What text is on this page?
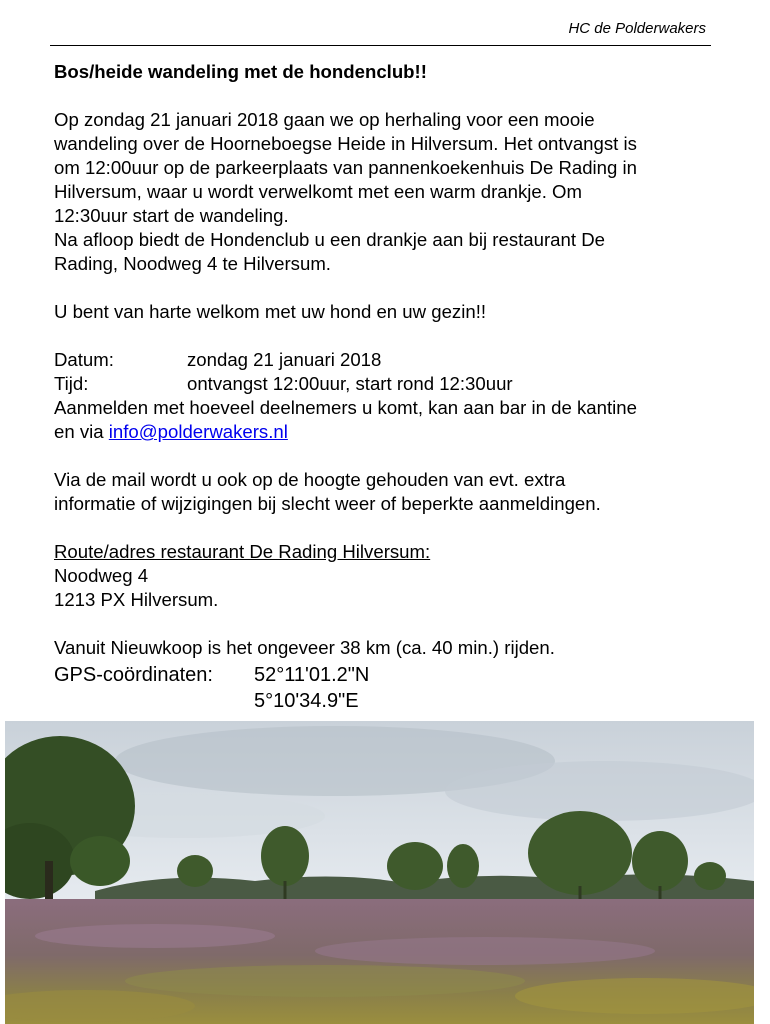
HC de Polderwakers

Bos/heide wandeling met de hondenclub!!

Op zondag 21 januari 2018 gaan we op herhaling voor een mooie

wandeling over de Hoorneboegse Heide in Hilversum. Het ontvangst is

om 12:00uur op de parkeerplaats van pannenkoekenhuis De Rading in

Hilversum, waar u wordt verwelkomt met een warm drankje. Om

12:30uur start de wandeling.

Na afloop biedt de Hondenclub u een drankje aan bij restaurant De

Rading, Noodweg 4 te Hilversum.

U bent van harte welkom met uw hond en uw gezin!!

Datum:	zondag 21 januari 2018
Tijd:	ontvangst 12:00uur, start rond 12:30uur

Aanmelden met hoeveel deelnemers u komt, kan aan bar in de kantine

en via info@polderwakers.nl

Via de mail wordt u ook op de hoogte gehouden van evt. extra

informatie of wijzigingen bij slecht weer of beperkte aanmeldingen.

Route/adres restaurant De Rading Hilversum:

Noodweg 4

1213 PX Hilversum.

Vanuit Nieuwkoop is het ongeveer 38 km (ca. 40 min.) rijden.

GPS-coördinaten:	52°11'01.2"N
5°10'34.9"E
